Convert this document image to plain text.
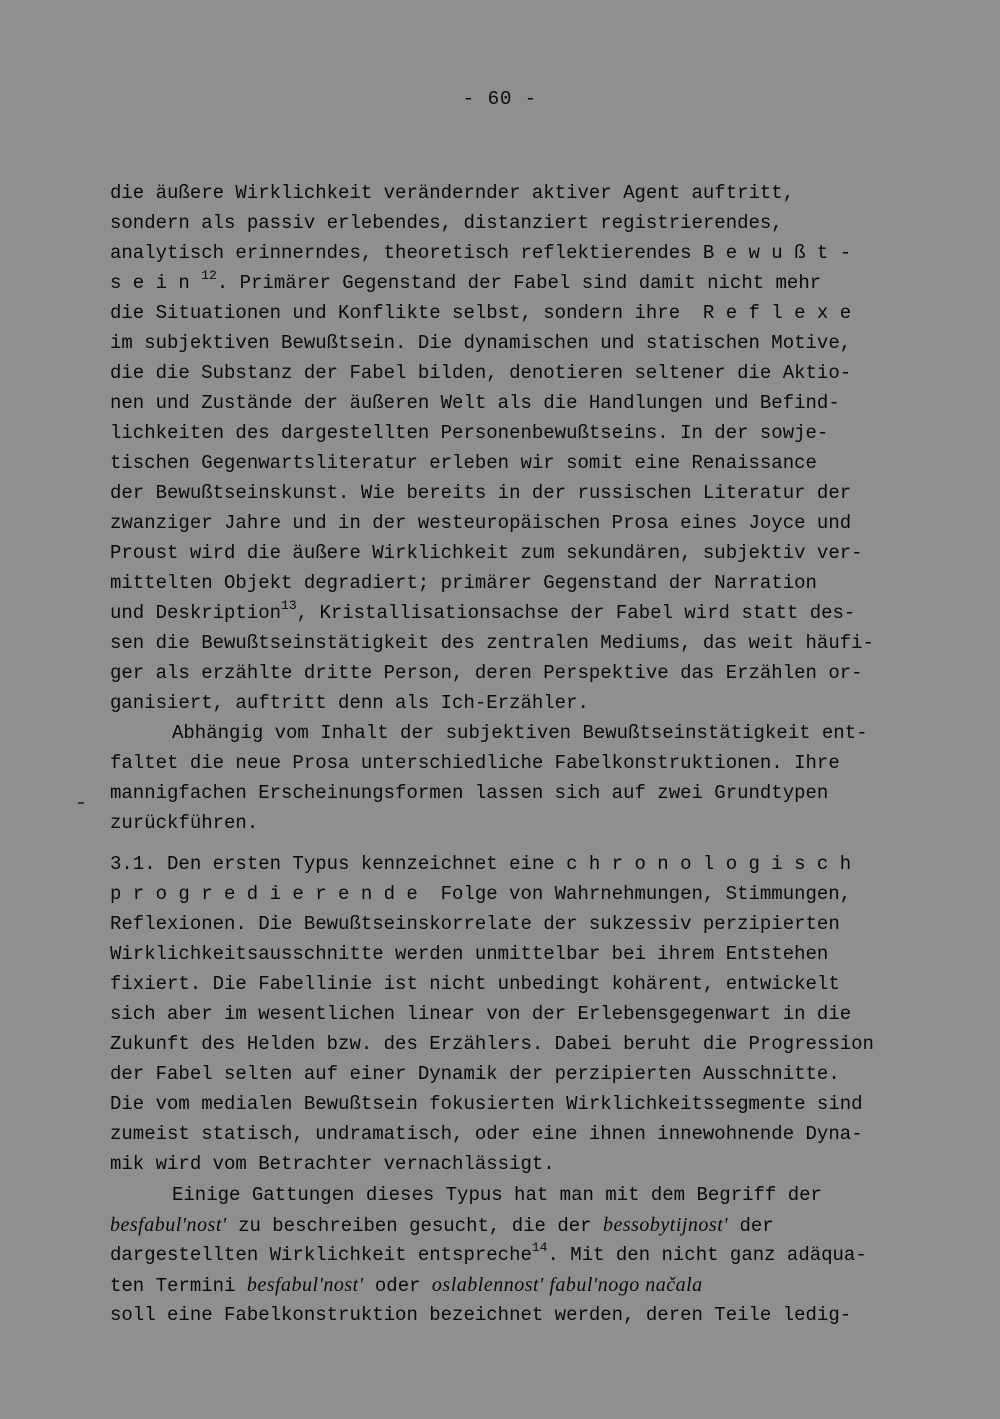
- 60 -
die äußere Wirklichkeit verändernder aktiver Agent auftritt,
sondern als passiv erlebendes, distanziert registrierendes,
analytisch erinnerndes, theoretisch reflektierendes Bewußt-
sein$^{12}$. Primärer Gegenstand der Fabel sind damit nicht mehr
die Situationen und Konflikte selbst, sondern ihre  Reflexe
im subjektiven Bewußtsein. Die dynamischen und statischen Motive,
die die Substanz der Fabel bilden, denotieren seltener die Aktio-
nen und Zustände der äußeren Welt als die Handlungen und Befind-
lichkeiten des dargestellten Personenbewußtseins. In der sowje-
tischen Gegenwartsliteratur erleben wir somit eine Renaissance
der Bewußtseinskunst. Wie bereits in der russischen Literatur der
zwanziger Jahre und in der westeuropäischen Prosa eines Joyce und
Proust wird die äußere Wirklichkeit zum sekundären, subjektiv ver-
mittelten Objekt degradiert; primärer Gegenstand der Narration
und Deskription$^{13}$, Kristallisationsachse der Fabel wird statt des-
sen die Bewußtseinstätigkeit des zentralen Mediums, das weit häufi-
ger als erzählte dritte Person, deren Perspektive das Erzählen or-
ganisiert, auftritt denn als Ich-Erzähler.
Abhängig vom Inhalt der subjektiven Bewußtseinstätigkeit ent-
faltet die neue Prosa unterschiedliche Fabelkonstruktionen. Ihre
mannigfachen Erscheinungsformen lassen sich auf zwei Grundtypen
zurückführen.
3.1. Den ersten Typus kennzeichnet eine chronologisch
progredierende Folge von Wahrnehmungen, Stimmungen,
Reflexionen. Die Bewußtseinskorrelate der sukzessiv perzipierten
Wirklichkeitsausschnitte werden unmittelbar bei ihrem Entstehen
fixiert. Die Fabellinie ist nicht unbedingt kohärent, entwickelt
sich aber im wesentlichen linear von der Erlebensgegenwart in die
Zukunft des Helden bzw. des Erzählers. Dabei beruht die Progression
der Fabel selten auf einer Dynamik der perzipierten Ausschnitte.
Die vom medialen Bewußtsein fokusierten Wirklichkeitssegmente sind
zumeist statisch, undramatisch, oder eine ihnen innewohnende Dyna-
mik wird vom Betrachter vernachlässigt.
Einige Gattungen dieses Typus hat man mit dem Begriff der
besfabul'nost' zu beschreiben gesucht, die der bessobytijnost' der
dargestellten Wirklichkeit entspreche$^{14}$. Mit den nicht ganz adäqua-
ten Termini besfabul'nost' oder oslablennost' fabul'nogo načala
soll eine Fabelkonstruktion bezeichnet werden, deren Teile ledig-
